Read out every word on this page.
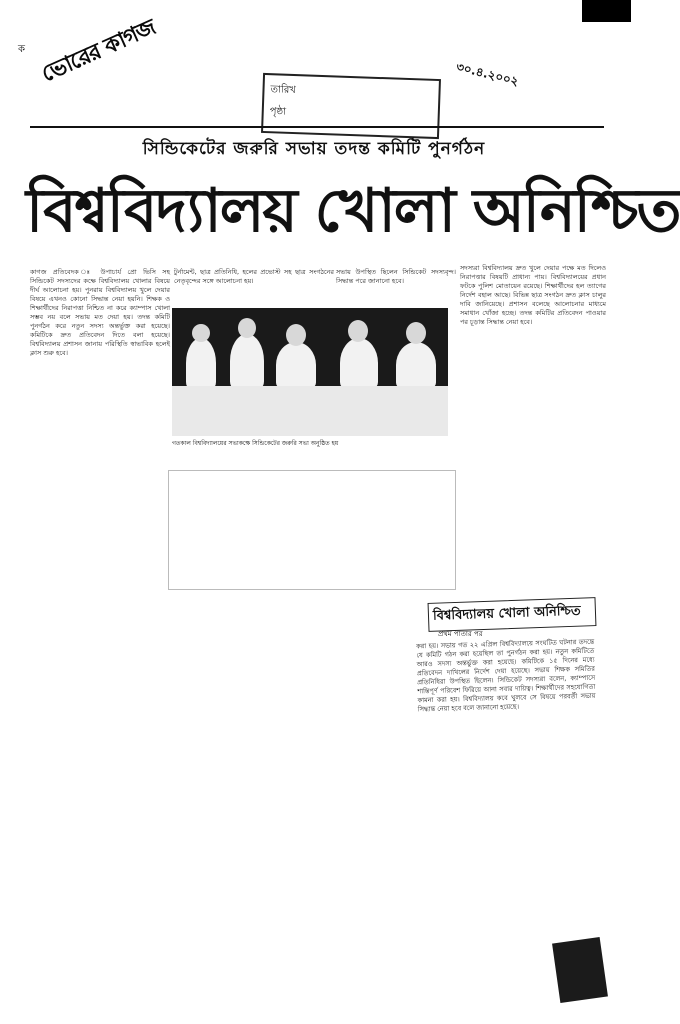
ক ভোরের কাগজ
তারিখ
পৃষ্ঠা
৩০.৪.২০০২
সিন্ডিকেটের জরুরি সভায় তদন্ত কমিটি পুনর্গঠন
বিশ্ববিদ্যালয় খোলা অনিশ্চিত
কাগজ প্রতিবেদক ঃ উপাচার্য প্রো ভিসি সহ সিন্ডিকেট সদস্যদের কক্ষে বিশ্ববিদ্যালয় খোলার বিষয়ে দীর্ঘ আলোচনা হয়। পুনরায় বিশ্ববিদ্যালয় খুলে দেয়ার বিষয়ে এখনও কোনো সিদ্ধান্ত নেয়া হয়নি। শিক্ষক ও শিক্ষার্থীদের নিরাপত্তা নিশ্চিত না করে ক্যাম্পাস খোলা সম্ভব নয় বলে সভায় মত দেয়া হয়। তদন্ত কমিটি পুনর্গঠন করে নতুন সদস্য অন্তর্ভুক্ত করা হয়েছে। কমিটিকে দ্রুত প্রতিবেদন দিতে বলা হয়েছে। বিশ্ববিদ্যালয় প্রশাসন জানায় পরিস্থিতি স্বাভাবিক হলেই ক্লাস শুরু হবে।
টুর্নামেন্ট, ছাত্র প্রতিনিধি, হলের প্রভোস্ট সহ ছাত্র সংগঠনের নেতৃবৃন্দের সঙ্গে আলোচনা হয়।
সভায় উপস্থিত ছিলেন সিন্ডিকেট সদস্যবৃন্দ। সিদ্ধান্ত পরে জানানো হবে।
সদস্যরা বিশ্ববিদ্যালয় দ্রুত খুলে দেয়ার পক্ষে মত দিলেও নিরাপত্তার বিষয়টি প্রাধান্য পায়। বিশ্ববিদ্যালয়ের প্রধান ফটকে পুলিশ মোতায়েন রয়েছে। শিক্ষার্থীদের হল ত্যাগের নির্দেশ বহাল আছে। বিভিন্ন ছাত্র সংগঠন দ্রুত ক্লাস চালুর দাবি জানিয়েছে। প্রশাসন বলেছে আলোচনার মাধ্যমে সমাধান খোঁজা হচ্ছে। তদন্ত কমিটির প্রতিবেদন পাওয়ার পর চূড়ান্ত সিদ্ধান্ত নেয়া হবে।
গতকাল বিশ্ববিদ্যালয়ের সভাকক্ষে সিন্ডিকেটের জরুরি সভা অনুষ্ঠিত হয়
বিশ্ববিদ্যালয় খোলা অনিশ্চিত
প্রথম পাতার পর
করা হয়। সভায় গত ২২ এপ্রিল বিশ্ববিদ্যালয়ে সংঘটিত ঘটনার তদন্তে যে কমিটি গঠন করা হয়েছিল তা পুনর্গঠন করা হয়। নতুন কমিটিতে আরও সদস্য অন্তর্ভুক্ত করা হয়েছে। কমিটিকে ১৫ দিনের মধ্যে প্রতিবেদন দাখিলের নির্দেশ দেয়া হয়েছে। সভায় শিক্ষক সমিতির প্রতিনিধিরা উপস্থিত ছিলেন। সিন্ডিকেট সদস্যরা বলেন, ক্যাম্পাসে শান্তিপূর্ণ পরিবেশ ফিরিয়ে আনা সবার দায়িত্ব। শিক্ষার্থীদের সহযোগিতা কামনা করা হয়। বিশ্ববিদ্যালয় কবে খুলবে সে বিষয়ে পরবর্তী সভায় সিদ্ধান্ত নেয়া হবে বলে জানানো হয়েছে।
